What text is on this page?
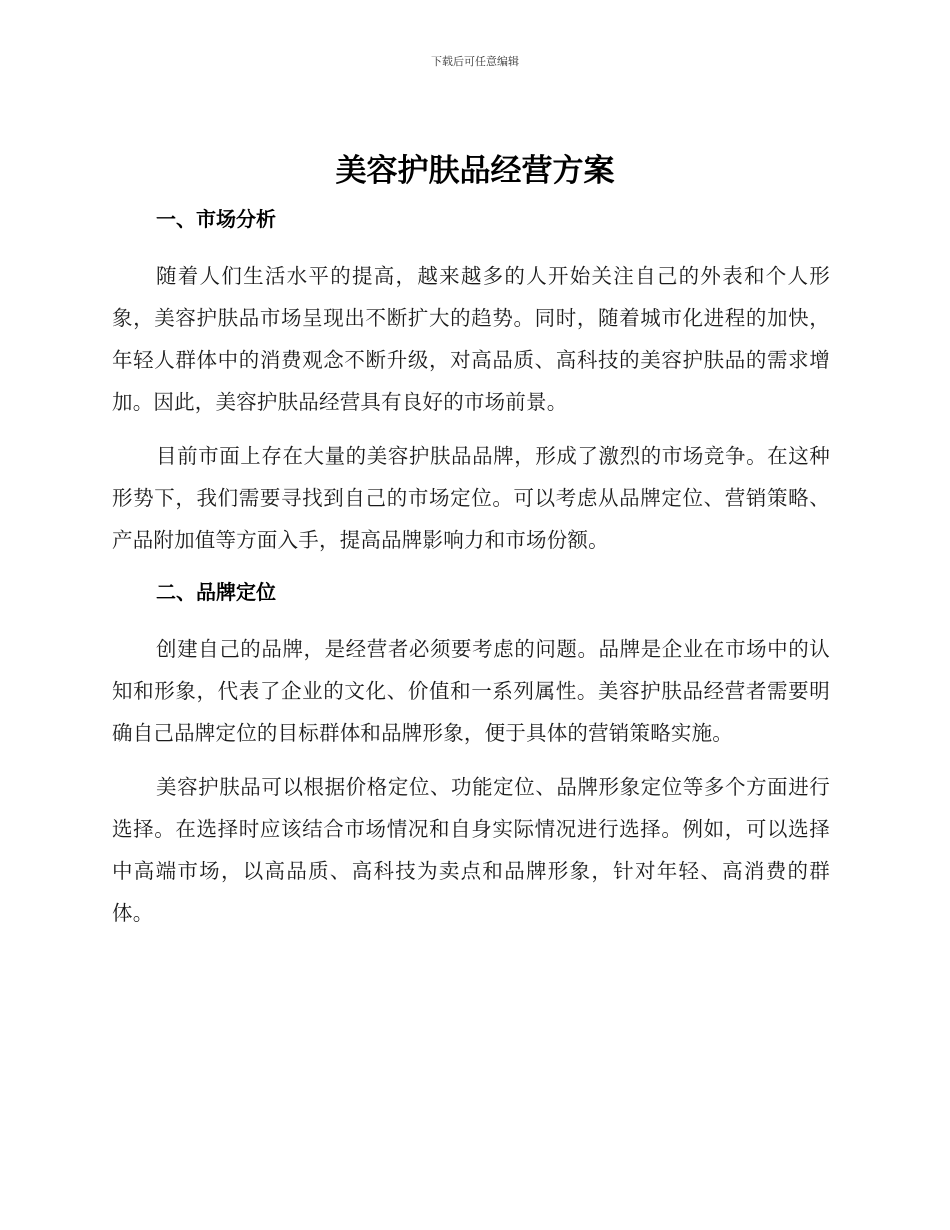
下载后可任意编辑
美容护肤品经营方案
一、市场分析

随着人们生活水平的提高，越来越多的人开始关注自己的外表和个人形象，美容护肤品市场呈现出不断扩大的趋势。同时，随着城市化进程的加快，年轻人群体中的消费观念不断升级，对高品质、高科技的美容护肤品的需求增加。因此，美容护肤品经营具有良好的市场前景。

目前市面上存在大量的美容护肤品品牌，形成了激烈的市场竞争。在这种形势下，我们需要寻找到自己的市场定位。可以考虑从品牌定位、营销策略、产品附加值等方面入手，提高品牌影响力和市场份额。

二、品牌定位

创建自己的品牌，是经营者必须要考虑的问题。品牌是企业在市场中的认知和形象，代表了企业的文化、价值和一系列属性。美容护肤品经营者需要明确自己品牌定位的目标群体和品牌形象，便于具体的营销策略实施。

美容护肤品可以根据价格定位、功能定位、品牌形象定位等多个方面进行选择。在选择时应该结合市场情况和自身实际情况进行选择。例如，可以选择中高端市场，以高品质、高科技为卖点和品牌形象，针对年轻、高消费的群体。
